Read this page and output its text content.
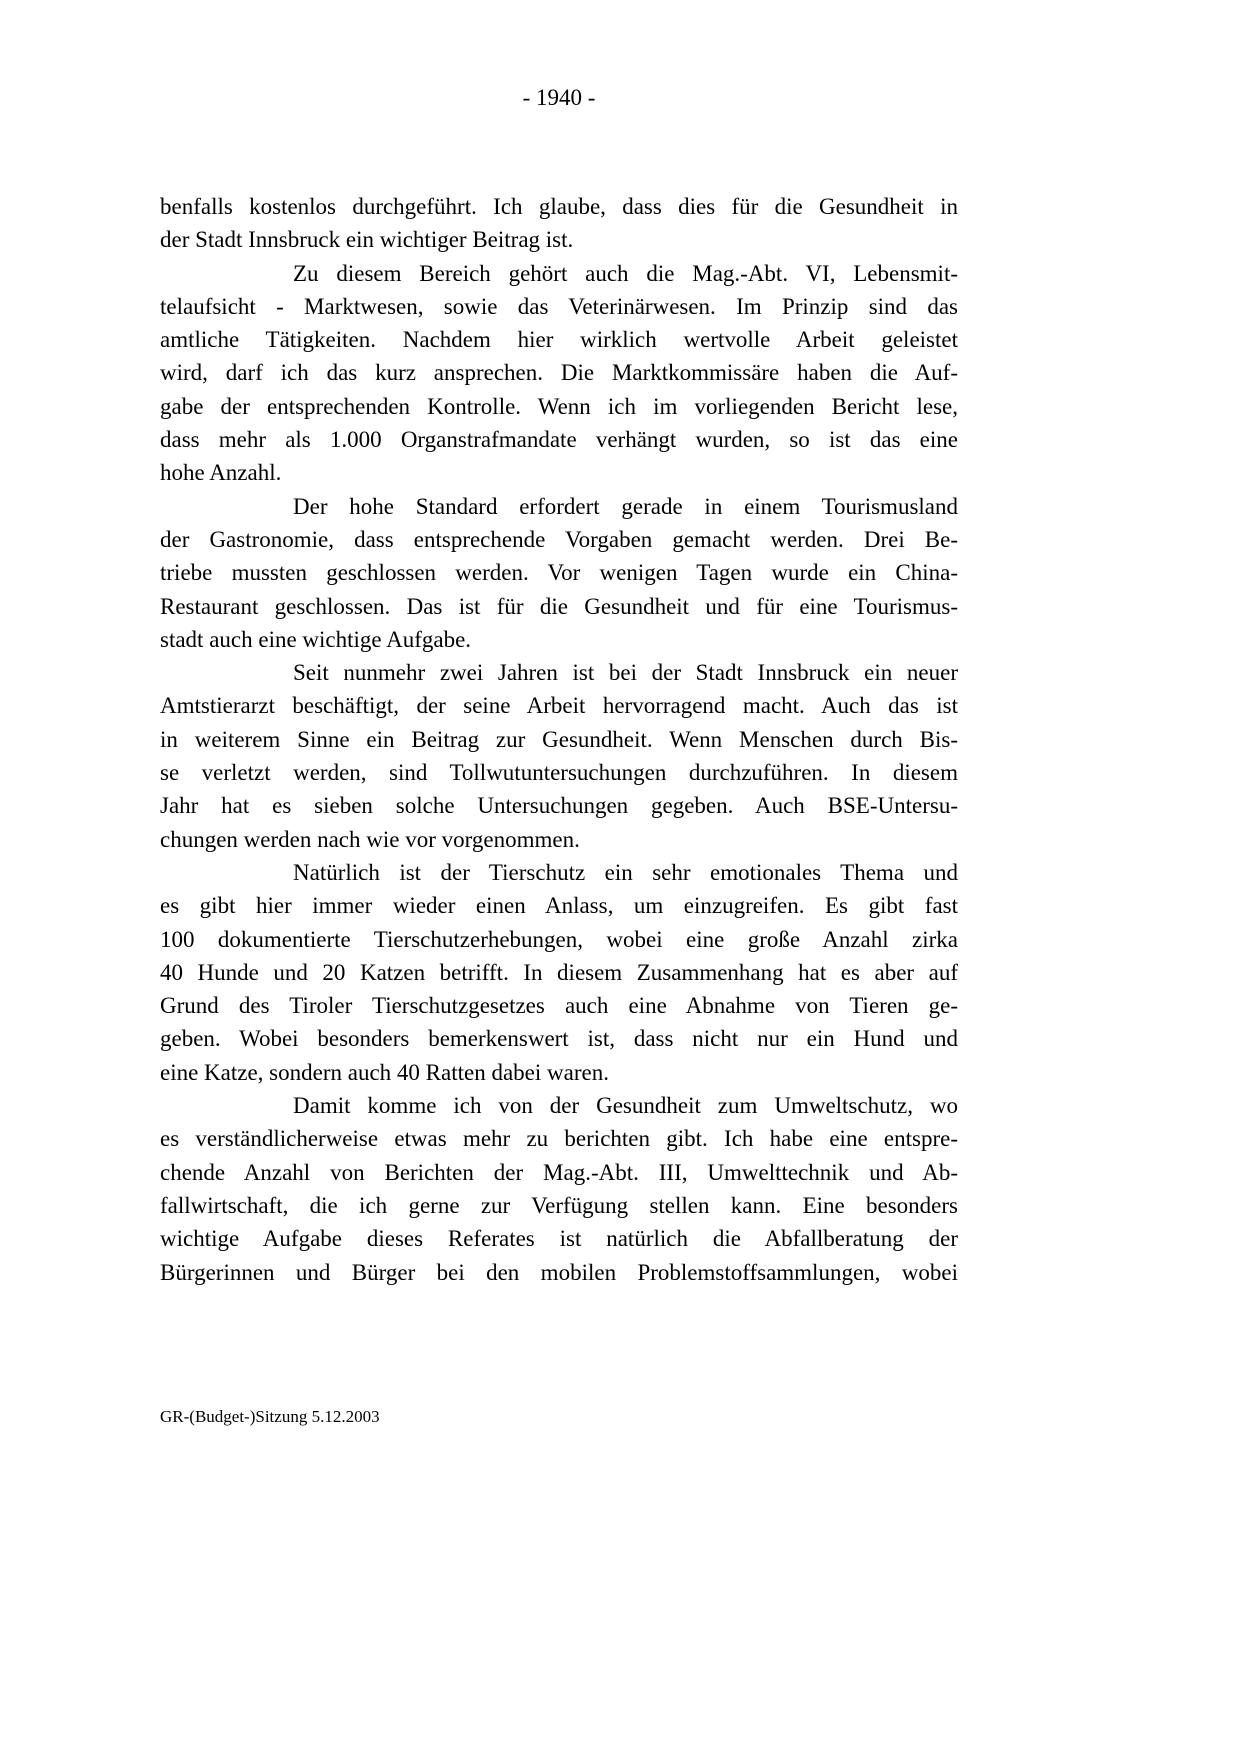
- 1940 -

benfalls kostenlos durchgeführt. Ich glaube, dass dies für die Gesundheit in
der Stadt Innsbruck ein wichtiger Beitrag ist.

Zu diesem Bereich gehört auch die Mag.-Abt. VI, Lebensmit-
telaufsicht - Marktwesen, sowie das Veterinärwesen. Im Prinzip sind das
amtliche Tätigkeiten. Nachdem hier wirklich wertvolle Arbeit geleistet
wird, darf ich das kurz ansprechen. Die Marktkommissäre haben die Auf-
gabe der entsprechenden Kontrolle. Wenn ich im vorliegenden Bericht lese,
dass mehr als 1.000 Organstrafmandate verhängt wurden, so ist das eine
hohe Anzahl.

Der hohe Standard erfordert gerade in einem Tourismusland
der Gastronomie, dass entsprechende Vorgaben gemacht werden. Drei Be-
triebe mussten geschlossen werden. Vor wenigen Tagen wurde ein China-
Restaurant geschlossen. Das ist für die Gesundheit und für eine Tourismus-
stadt auch eine wichtige Aufgabe.

Seit nunmehr zwei Jahren ist bei der Stadt Innsbruck ein neuer
Amtstierarzt beschäftigt, der seine Arbeit hervorragend macht. Auch das ist
in weiterem Sinne ein Beitrag zur Gesundheit. Wenn Menschen durch Bis-
se verletzt werden, sind Tollwutuntersuchungen durchzuführen. In diesem
Jahr hat es sieben solche Untersuchungen gegeben. Auch BSE-Untersu-
chungen werden nach wie vor vorgenommen.

Natürlich ist der Tierschutz ein sehr emotionales Thema und
es gibt hier immer wieder einen Anlass, um einzugreifen. Es gibt fast
100 dokumentierte Tierschutzerhebungen, wobei eine große Anzahl zirka
40 Hunde und 20 Katzen betrifft. In diesem Zusammenhang hat es aber auf
Grund des Tiroler Tierschutzgesetzes auch eine Abnahme von Tieren ge-
geben. Wobei besonders bemerkenswert ist, dass nicht nur ein Hund und
eine Katze, sondern auch 40 Ratten dabei waren.

Damit komme ich von der Gesundheit zum Umweltschutz, wo
es verständlicherweise etwas mehr zu berichten gibt. Ich habe eine entspre-
chende Anzahl von Berichten der Mag.-Abt. III, Umwelttechnik und Ab-
fallwirtschaft, die ich gerne zur Verfügung stellen kann. Eine besonders
wichtige Aufgabe dieses Referates ist natürlich die Abfallberatung der
Bürgerinnen und Bürger bei den mobilen Problemstoffsammlungen, wobei

GR-(Budget-)Sitzung 5.12.2003
